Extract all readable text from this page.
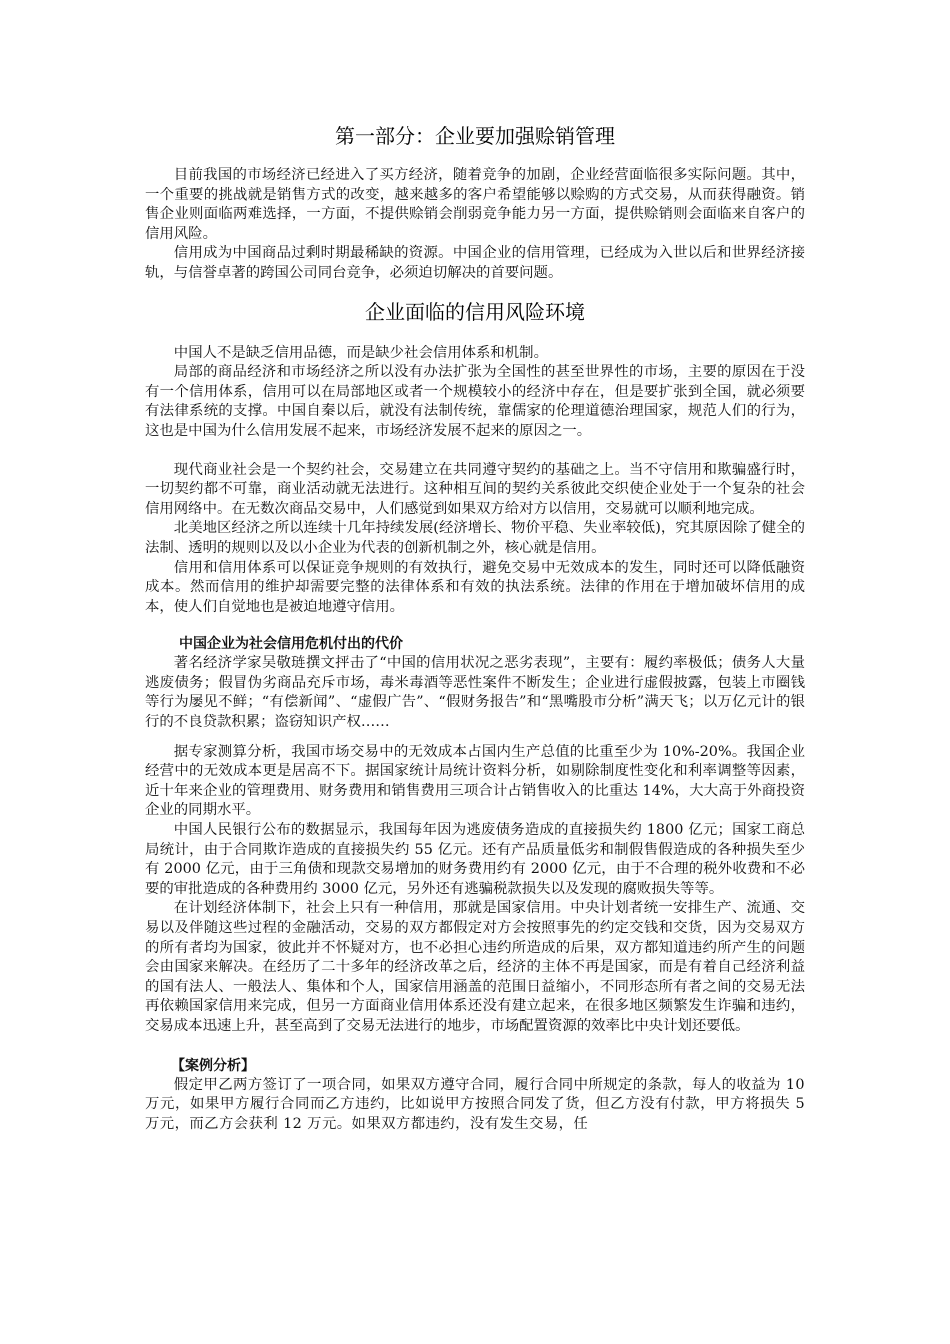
第一部分：企业要加强赊销管理

目前我国的市场经济已经进入了买方经济，随着竞争的加剧，企业经营面临很多实际问题。其中，一个重要的挑战就是销售方式的改变，越来越多的客户希望能够以赊购的方式交易，从而获得融资。销售企业则面临两难选择，一方面，不提供赊销会削弱竞争能力另一方面，提供赊销则会面临来自客户的信用风险。

信用成为中国商品过剩时期最稀缺的资源。中国企业的信用管理，已经成为入世以后和世界经济接轨，与信誉卓著的跨国公司同台竞争，必须迫切解决的首要问题。

企业面临的信用风险环境

中国人不是缺乏信用品德，而是缺少社会信用体系和机制。

局部的商品经济和市场经济之所以没有办法扩张为全国性的甚至世界性的市场，主要的原因在于没有一个信用体系，信用可以在局部地区或者一个规模较小的经济中存在，但是要扩张到全国，就必须要有法律系统的支撑。中国自秦以后，就没有法制传统，靠儒家的伦理道德治理国家，规范人们的行为，这也是中国为什么信用发展不起来，市场经济发展不起来的原因之一。

现代商业社会是一个契约社会，交易建立在共同遵守契约的基础之上。当不守信用和欺骗盛行时，一切契约都不可靠，商业活动就无法进行。这种相互间的契约关系彼此交织使企业处于一个复杂的社会信用网络中。在无数次商品交易中，人们感觉到如果双方给对方以信用，交易就可以顺利地完成。

北美地区经济之所以连续十几年持续发展(经济增长、物价平稳、失业率较低)，究其原因除了健全的法制、透明的规则以及以小企业为代表的创新机制之外，核心就是信用。

信用和信用体系可以保证竞争规则的有效执行，避免交易中无效成本的发生，同时还可以降低融资成本。然而信用的维护却需要完整的法律体系和有效的执法系统。法律的作用在于增加破坏信用的成本，使人们自觉地也是被迫地遵守信用。

中国企业为社会信用危机付出的代价

著名经济学家吴敬琏撰文抨击了“中国的信用状况之恶劣表现”，主要有：履约率极低；债务人大量逃废债务；假冒伪劣商品充斥市场，毒米毒酒等恶性案件不断发生；企业进行虚假披露，包装上市圈钱等行为屡见不鲜；“有偿新闻”、“虚假广告”、“假财务报告”和“黑嘴股市分析”满天飞；以万亿元计的银行的不良贷款积累；盗窃知识产权……

据专家测算分析，我国市场交易中的无效成本占国内生产总值的比重至少为 10%-20%。我国企业经营中的无效成本更是居高不下。据国家统计局统计资料分析，如剔除制度性变化和利率调整等因素，近十年来企业的管理费用、财务费用和销售费用三项合计占销售收入的比重达 14%，大大高于外商投资企业的同期水平。

中国人民银行公布的数据显示，我国每年因为逃废债务造成的直接损失约 1800 亿元；国家工商总局统计，由于合同欺诈造成的直接损失约 55 亿元。还有产品质量低劣和制假售假造成的各种损失至少有 2000 亿元，由于三角债和现款交易增加的财务费用约有 2000 亿元，由于不合理的税外收费和不必要的审批造成的各种费用约 3000 亿元，另外还有逃骗税款损失以及发现的腐败损失等等。

在计划经济体制下，社会上只有一种信用，那就是国家信用。中央计划者统一安排生产、流通、交易以及伴随这些过程的金融活动，交易的双方都假定对方会按照事先的约定交钱和交货，因为交易双方的所有者均为国家，彼此并不怀疑对方，也不必担心违约所造成的后果，双方都知道违约所产生的问题会由国家来解决。在经历了二十多年的经济改革之后，经济的主体不再是国家，而是有着自己经济利益的国有法人、一般法人、集体和个人，国家信用涵盖的范围日益缩小，不同形态所有者之间的交易无法再依赖国家信用来完成，但另一方面商业信用体系还没有建立起来，在很多地区频繁发生诈骗和违约，交易成本迅速上升，甚至高到了交易无法进行的地步，市场配置资源的效率比中央计划还要低。

【案例分析】

假定甲乙两方签订了一项合同，如果双方遵守合同，履行合同中所规定的条款，每人的收益为 10 万元，如果甲方履行合同而乙方违约，比如说甲方按照合同发了货，但乙方没有付款，甲方将损失 5 万元，而乙方会获利 12 万元。如果双方都违约，没有发生交易，任
